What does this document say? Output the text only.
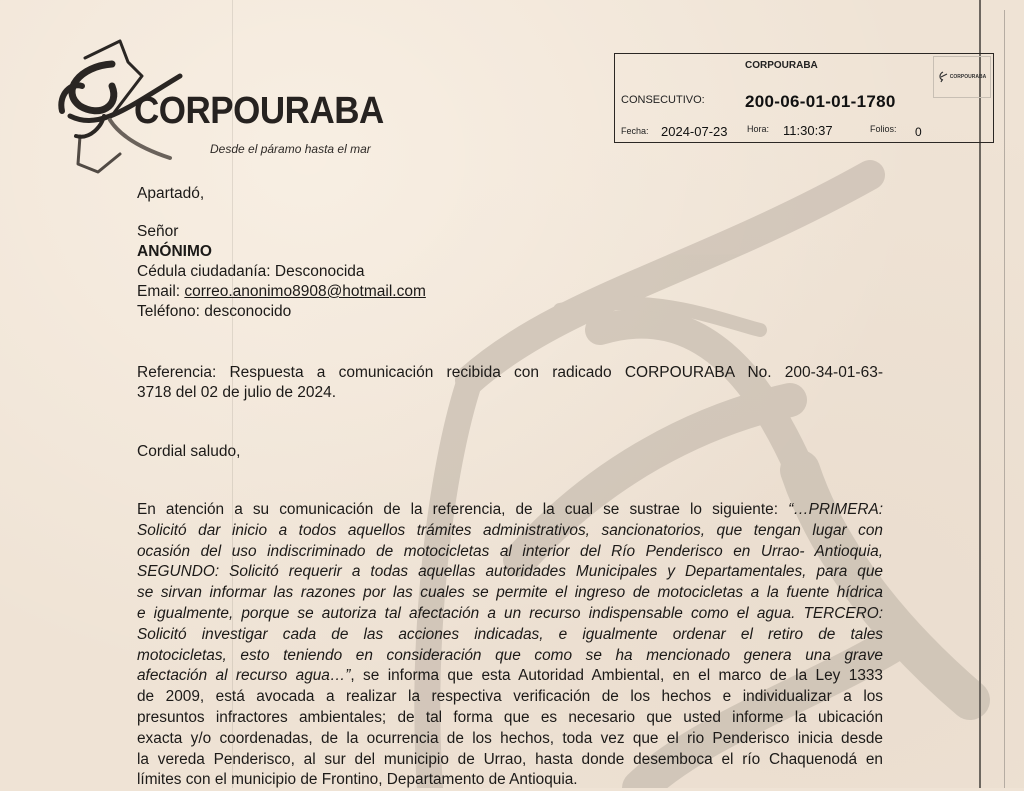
CORPOURABA
Desde el páramo hasta el mar
CORPOURABA
CONSECUTIVO: 200-06-01-01-1780
Fecha: 2024-07-23 Hora: 11:30:37	Folios: 0
CORPOURABA
Apartadó,
Señor
ANÓNIMO
Cédula ciudadanía: Desconocida
Email: correo.anonimo8908@hotmail.com
Teléfono: desconocido
Referencia: Respuesta a comunicación recibida con radicado CORPOURABA No. 200-34-01-63-
3718 del 02 de julio de 2024.
Cordial saludo,
En atención a su comunicación de la referencia, de la cual se sustrae lo siguiente: “…PRIMERA:
Solicitó dar inicio a todos aquellos trámites administrativos, sancionatorios, que tengan lugar con
ocasión del uso indiscriminado de motocicletas al interior del Río Penderisco en Urrao- Antioquia,
SEGUNDO: Solicitó requerir a todas aquellas autoridades Municipales y Departamentales, para que
se sirvan informar las razones por las cuales se permite el ingreso de motocicletas a la fuente hídrica
e igualmente, porque se autoriza tal afectación a un recurso indispensable como el agua. TERCERO:
Solicitó investigar cada de las acciones indicadas, e igualmente ordenar el retiro de tales
motocicletas, esto teniendo en consideración que como se ha mencionado genera una grave
afectación al recurso agua…”, se informa que esta Autoridad Ambiental, en el marco de la Ley 1333
de 2009, está avocada a realizar la respectiva verificación de los hechos e individualizar a los
presuntos infractores ambientales; de tal forma que es necesario que usted informe la ubicación
exacta y/o coordenadas, de la ocurrencia de los hechos, toda vez que el rio Penderisco inicia desde
la vereda Penderisco, al sur del municipio de Urrao, hasta donde desemboca el río Chaquenodá en
límites con el municipio de Frontino, Departamento de Antioquia.
